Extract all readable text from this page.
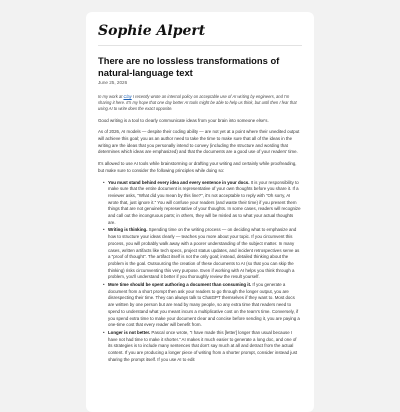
Sophie Alpert
There are no lossless transformations of natural-language text
June 25, 2026

In my work at Clay I recently wrote an internal policy on acceptable use of AI writing by engineers, and I'm sharing it here. It's my hope that one day better AI tools might be able to help us think, but until then I fear that using AI to write does the exact opposite.

Good writing is a tool to clearly communicate ideas from your brain into someone else's.

As of 2026, AI models — despite their coding ability — are not yet at a point where their unedited output will achieve this goal; you as an author need to take the time to make sure that all of the ideas in the writing are the ideas that you personally intend to convey (including the structure and wording that determines which ideas are emphasized) and that the documents are a good use of your readers' time.

It's allowed to use AI tools while brainstorming or drafting your writing and certainly while proofreading, but make sure to consider the following principles while doing so:

• You must stand behind every idea and every sentence in your docs. It is your responsibility to make sure that the entire document is representative of your own thoughts before you share it. If a reviewer asks, "What did you mean by this line?", it's not acceptable to reply with "Oh sorry, AI wrote that, just ignore it." You will confuse your readers (and waste their time) if you present them things that are not genuinely representative of your thoughts. In some cases, readers will recognize and call out the incongruous parts; in others, they will be misled as to what your actual thoughts are.
• Writing is thinking. Spending time on the writing process — on deciding what to emphasize and how to structure your ideas clearly — teaches you more about your topic. If you circumvent this process, you will probably walk away with a poorer understanding of the subject matter. In many cases, written artifacts like tech specs, project status updates, and incident retrospectives serve as a "proof of thought". The artifact itself is not the only goal; instead, detailed thinking about the problem is the goal. Outsourcing the creation of these documents to AI (so that you can skip the thinking) risks circumventing this very purpose. Even if working with AI helps you think through a problem, you'll understand it better if you thoroughly review the result yourself.
• More time should be spent authoring a document than consuming it. If you generate a document from a short prompt then ask your readers to go through the longer output, you are disrespecting their time. They can always talk to ChatGPT themselves if they want to. Most docs are written by one person but are read by many people, so any extra time that readers need to spend to understand what you meant incurs a multiplicative cost on the team's time. Conversely, if you spend extra time to make your document clear and concise before sending it, you are paying a one-time cost that every reader will benefit from.
• Longer is not better. Pascal once wrote, "I have made this [letter] longer than usual because I have not had time to make it shorter." AI makes it much easier to generate a long doc, and one of its strategies is to include many sentences that don't say much at all and detract from the actual content. If you are producing a longer piece of writing from a shorter prompt, consider instead just sharing the prompt itself. If you use AI to edit
